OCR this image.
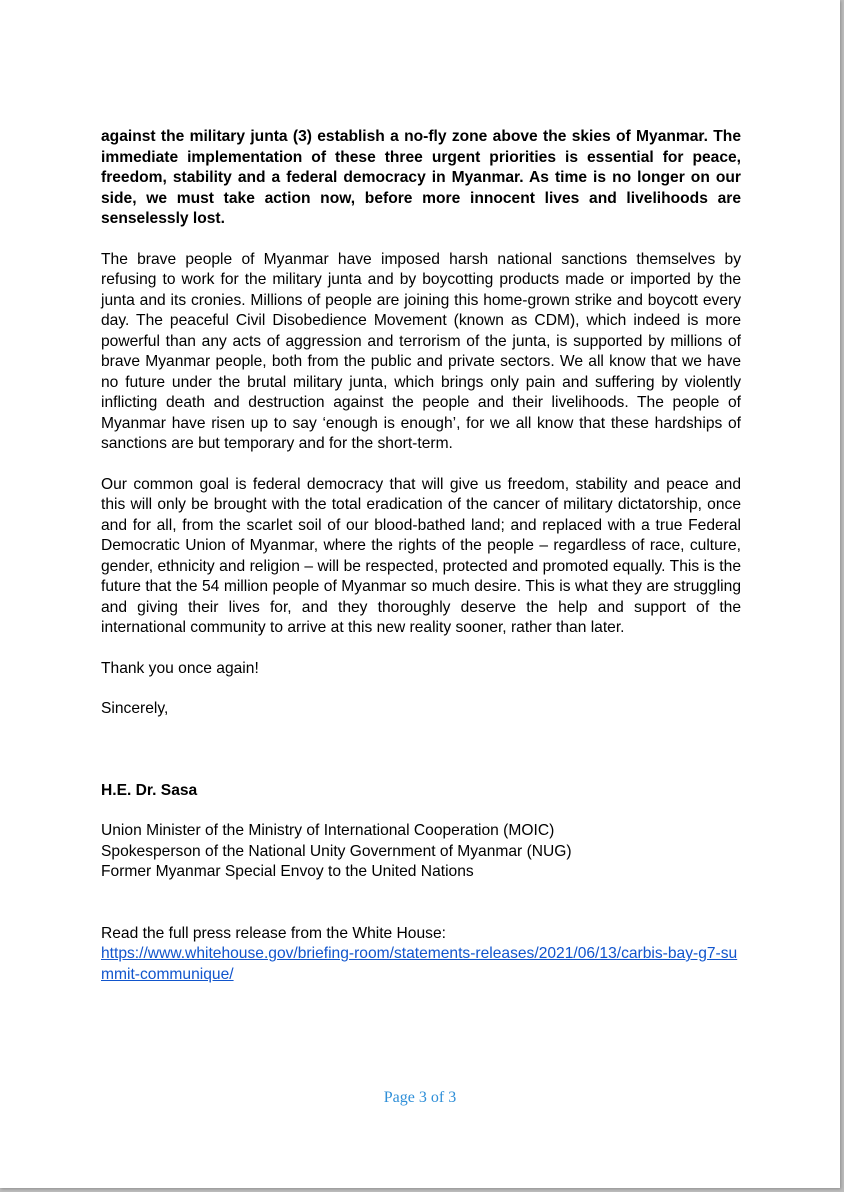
against the military junta (3) establish a no-fly zone above the skies of Myanmar. The immediate implementation of these three urgent priorities is essential for peace, freedom, stability and a federal democracy in Myanmar. As time is no longer on our side, we must take action now, before more innocent lives and livelihoods are senselessly lost.

The brave people of Myanmar have imposed harsh national sanctions themselves by refusing to work for the military junta and by boycotting products made or imported by the junta and its cronies. Millions of people are joining this home-grown strike and boycott every day. The peaceful Civil Disobedience Movement (known as CDM), which indeed is more powerful than any acts of aggression and terrorism of the junta, is supported by millions of brave Myanmar people, both from the public and private sectors. We all know that we have no future under the brutal military junta, which brings only pain and suffering by violently inflicting death and destruction against the people and their livelihoods. The people of Myanmar have risen up to say ‘enough is enough’, for we all know that these hardships of sanctions are but temporary and for the short-term.

Our common goal is federal democracy that will give us freedom, stability and peace and this will only be brought with the total eradication of the cancer of military dictatorship, once and for all, from the scarlet soil of our blood-bathed land; and replaced with a true Federal Democratic Union of Myanmar, where the rights of the people – regardless of race, culture, gender, ethnicity and religion – will be respected, protected and promoted equally. This is the future that the 54 million people of Myanmar so much desire. This is what they are struggling and giving their lives for, and they thoroughly deserve the help and support of the international community to arrive at this new reality sooner, rather than later.

Thank you once again!

Sincerely,

H.E. Dr. Sasa

Union Minister of the Ministry of International Cooperation (MOIC)

Spokesperson of the National Unity Government of Myanmar (NUG)

Former Myanmar Special Envoy to the United Nations

Read the full press release from the White House:

https://www.whitehouse.gov/briefing-room/statements-releases/2021/06/13/carbis-bay-g7-summit-communique/

Page 3 of 3
